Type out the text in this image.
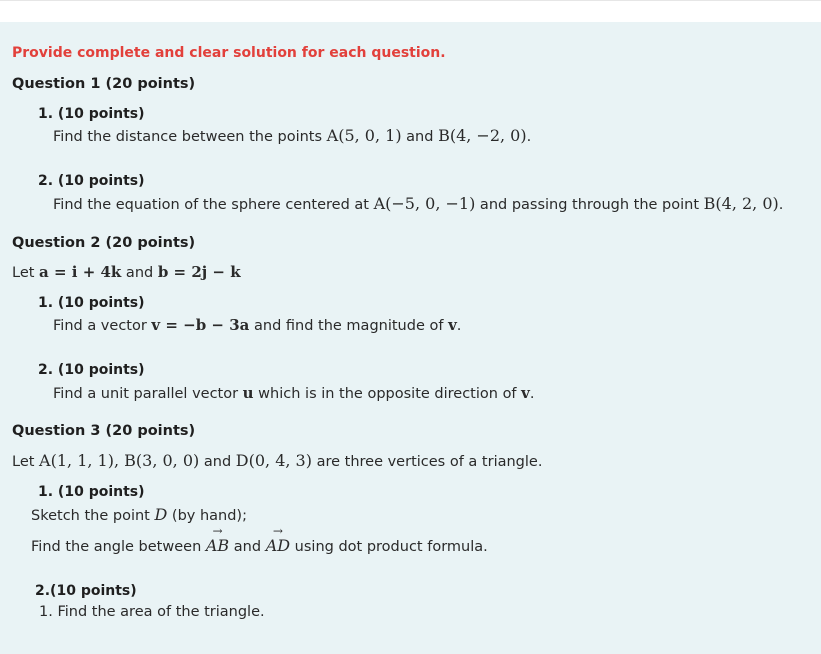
Provide complete and clear solution for each question.
Question 1 (20 points)
1. (10 points)
Find the distance between the points A(5, 0, 1) and B(4, −2, 0).
2. (10 points)
Find the equation of the sphere centered at A(−5, 0, −1) and passing through the point B(4, 2, 0).
Question 2 (20 points)
Let a = i + 4k and b = 2j − k
1. (10 points)
Find a vector v = −b − 3a and find the magnitude of v.
2. (10 points)
Find a unit parallel vector u which is in the opposite direction of v.
Question 3 (20 points)
Let A(1, 1, 1), B(3, 0, 0) and D(0, 4, 3) are three vertices of a triangle.
1. (10 points)
Sketch the point D (by hand);
Find the angle between
→
AB and
→
AD using dot product formula.
2.(10 points)
1. Find the area of the triangle.
